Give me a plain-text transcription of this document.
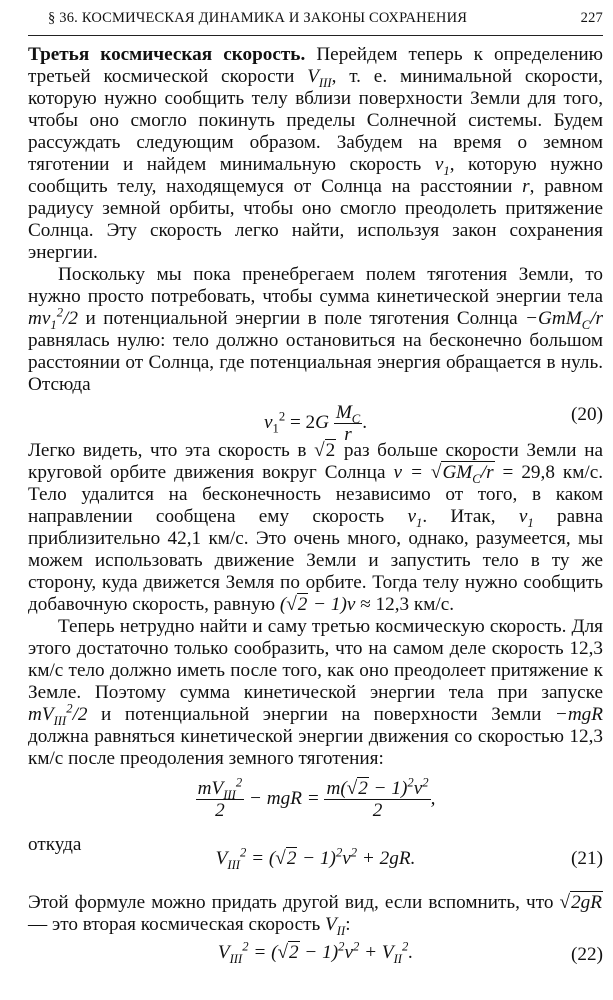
§ 36. КОСМИЧЕСКАЯ ДИНАМИКА И ЗАКОНЫ СОХРАНЕНИЯ	227

Третья космическая скорость. Перейдем теперь к определению третьей космической скорости $V_{III}$, т. е. минимальной скорости, которую нужно сообщить телу вблизи поверхности Земли для того, чтобы оно смогло покинуть пределы Солнечной системы. Будем рассуждать следующим образом. Забудем на время о земном тяготении и найдем минимальную скорость $v_1$, которую нужно сообщить телу, находящемуся от Солнца на расстоянии r, равном радиусу земной орбиты, чтобы оно смогло преодолеть притяжение Солнца. Эту скорость легко найти, используя закон сохранения энергии.

Поскольку мы пока пренебрегаем полем тяготения Земли, то нужно просто потребовать, чтобы сумма кинетической энергии тела $mv_1^2/2$ и потенциальной энергии в поле тяготения Солнца −GmM$_C$/r равнялась нулю: тело должно остановиться на бесконечно большом расстоянии от Солнца, где потенциальная энергия обращается в нуль. Отсюда

$v_1^2 = 2G \frac{M_C}{r}$ .	(20)

Легко видеть, что эта скорость в √2 раз больше скорости Земли на круговой орбите движения вокруг Солнца $v = √GM_C/r = 29,8$ км/с. Тело удалится на бесконечность независимо от того, в каком направлении сообщена ему скорость $v_1$. Итак, $v_1$ равна приблизительно 42,1 км/с. Это очень много, однако, разумеется, мы можем использовать движение Земли и запустить тело в ту же сторону, куда движется Земля по орбите. Тогда телу нужно сообщить добавочную скорость, равную (√2 − 1)v ≈ 12,3 км/с.

Теперь нетрудно найти и саму третью космическую скорость. Для этого достаточно только сообразить, что на самом деле скорость 12,3 км/с тело должно иметь после того, как оно преодолеет притяжение к Земле. Поэтому сумма кинетической энергии тела при запуске $mV_{III}^2/2$ и потенциальной энергии на поверхности Земли −mgR должна равняться кинетической энергии движения со скоростью 12,3 км/с после преодоления земного тяготения:

$\frac{mV_{III}^2}{2}$ − mgR = $\frac{m(√2 - 1)^2v^2}{2}$ ,
откуда
$V_{III}^2 = (√2 - 1)^2v^2 + 2gR$.	(21)

Этой формуле можно придать другой вид, если вспомнить, что √2gR— это вторая космическая скорость $V_{II}$:

$V_{III}^2 = (√2 - 1)^2v^2 + V_{II}^2$.	(22)
